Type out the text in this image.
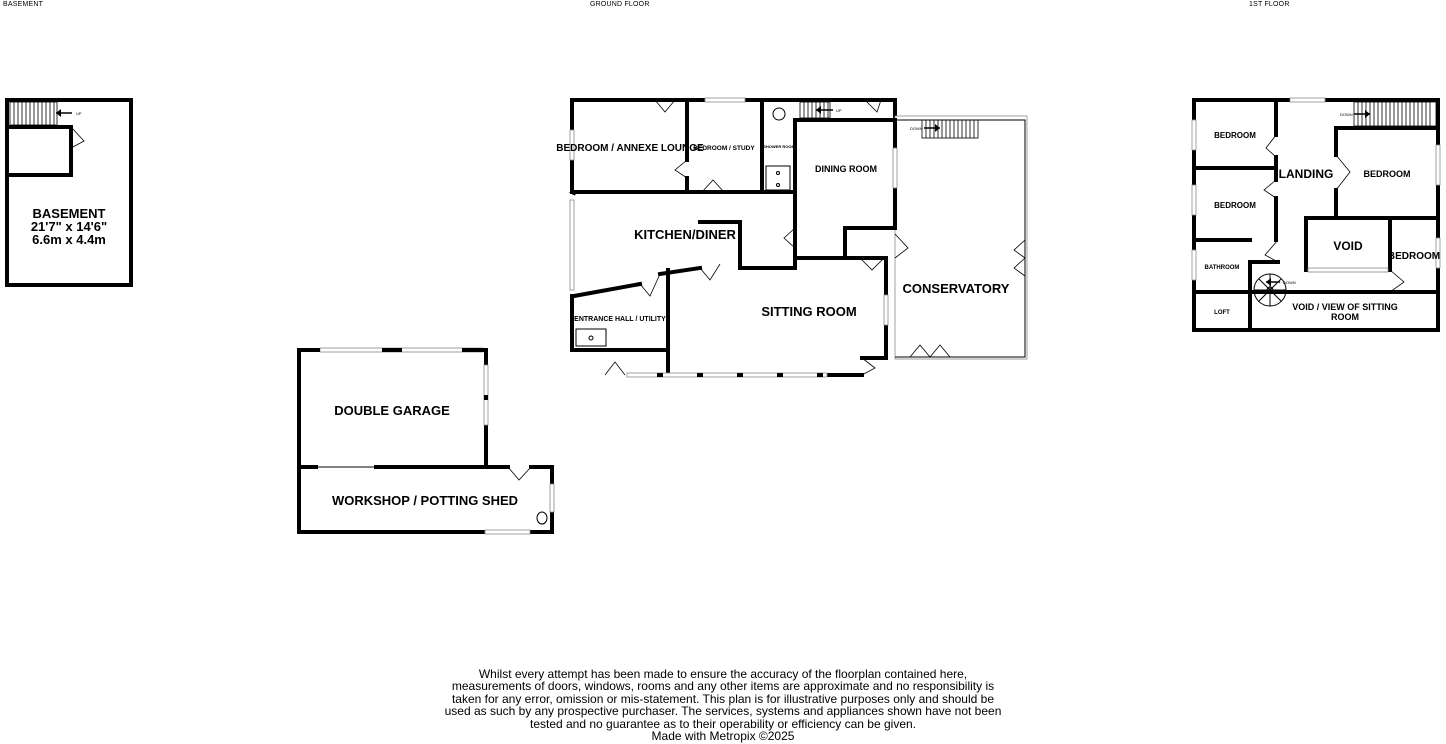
BASEMENT	GROUND FLOOR	1ST FLOOR
UP
BASEMENT
21'7" x 14'6"
6.6m x 4.4m
UP
DOWN
BEDROOM / ANNEXE LOUNGE
BEDROOM / STUDY SHOWER ROOM
DINING ROOM
KITCHEN/DINER
ENTRANCE HALL / UTILITY
SITTING ROOM
CONSERVATORY
DOUBLE GARAGE
WORKSHOP / POTTING SHED
DOWN
DOWN
BEDROOM
BEDROOM
LANDING	BEDROOM
VOID
BEDROOM
BATHROOM
LOFT
VOID / VIEW OF SITTING
ROOM
Whilst every attempt has been made to ensure the accuracy of the floorplan contained here, measurements of doors, windows, rooms and any other items are approximate and no responsibility is taken for any error, omission or mis-statement. This plan is for illustrative purposes only and should be used as such by any prospective purchaser. The services, systems and appliances shown have not been tested and no guarantee as to their operability or efficiency can be given.
Made with Metropix ©2025
